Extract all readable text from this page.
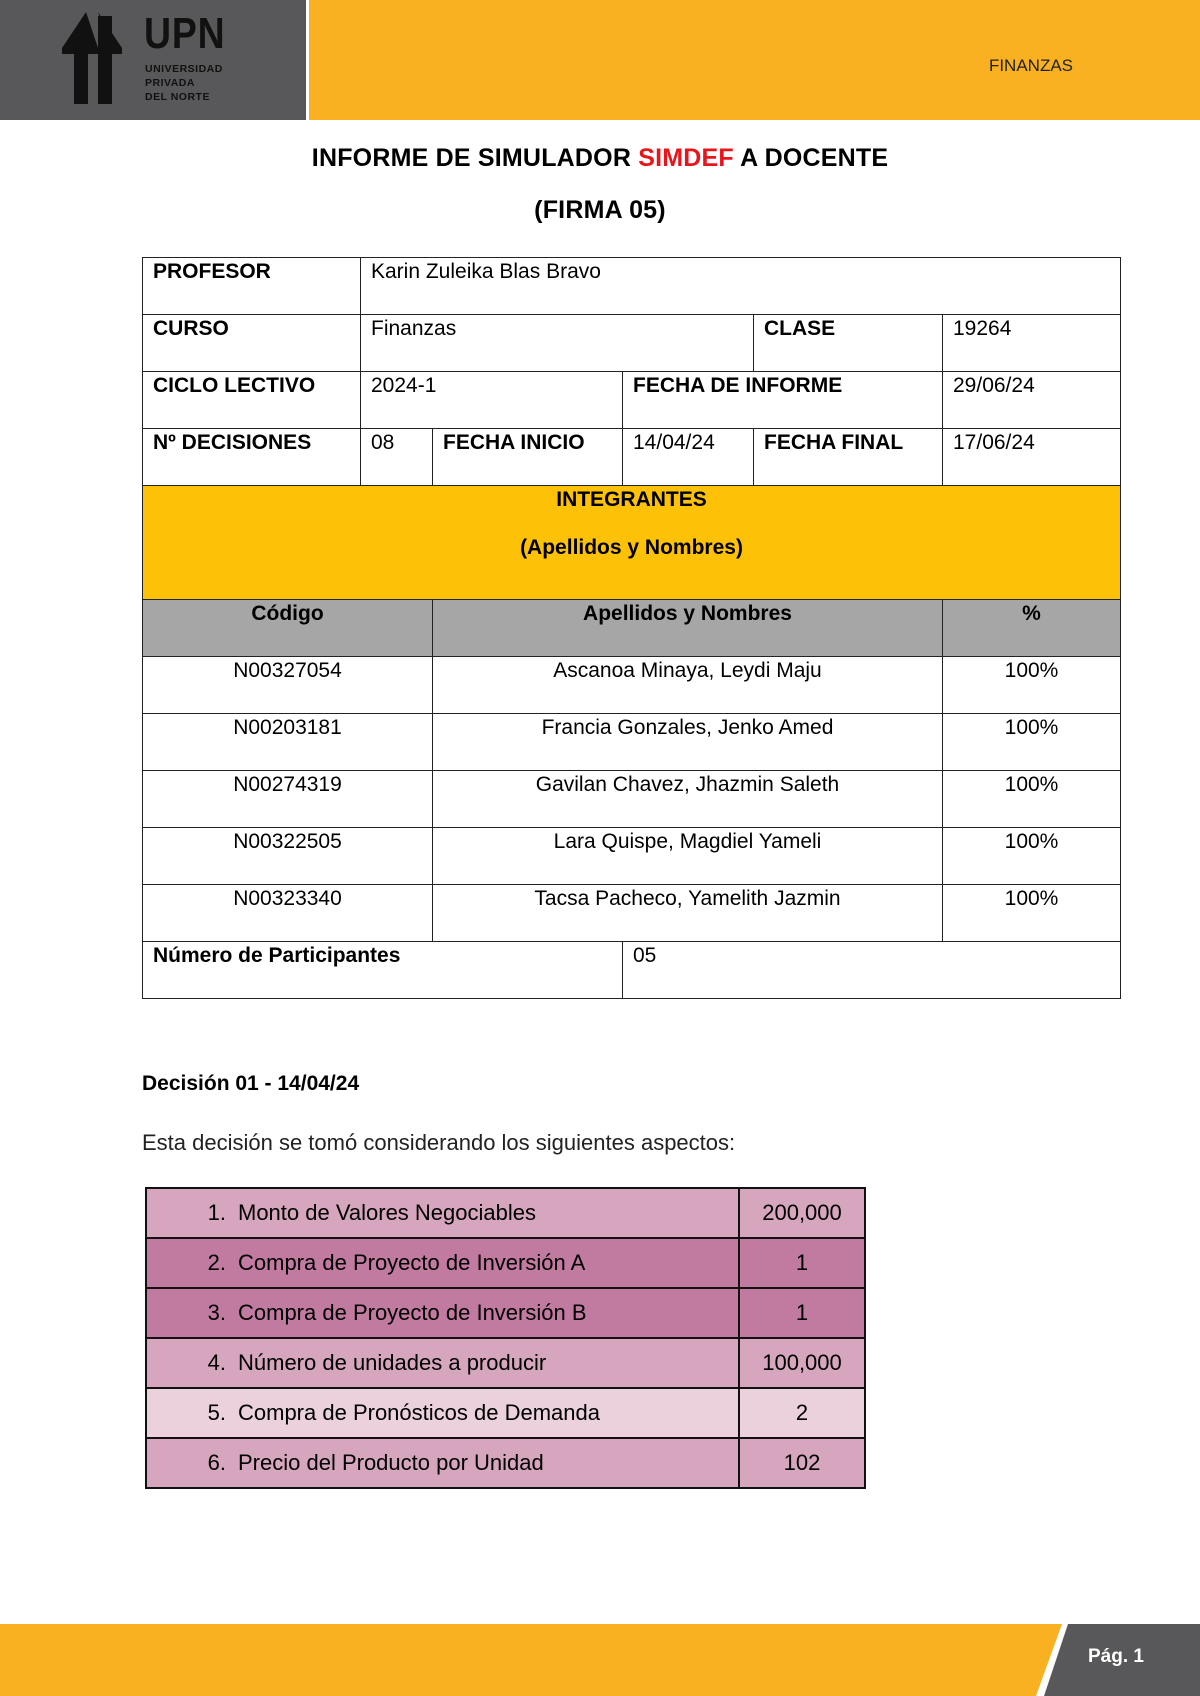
UPN
UNIVERSIDAD
PRIVADA
DEL NORTE
FINANZAS
INFORME DE SIMULADOR SIMDEF A DOCENTE
(FIRMA 05)
PROFESOR	Karin Zuleika Blas Bravo				
CURSO	Finanzas			CLASE	19264
CICLO LECTIVO	2024-1		FECHA DE INFORME		29/06/24
Nº DECISIONES	08	FECHA INICIO	14/04/24	FECHA FINAL	17/06/24

INTEGRANTES
(Apellidos y Nombres)					

Código		Apellidos y Nombres			%
N00327054		Ascanoa Minaya, Leydi Maju			100%
N00203181		Francia Gonzales, Jenko Amed			100%
N00274319		Gavilan Chavez, Jhazmin Saleth			100%
N00322505		Lara Quispe, Magdiel Yameli			100%
N00323340		Tacsa Pacheco, Yamelith Jazmin			100%
Número de Participantes			05		
Decisión 01 - 14/04/24
Esta decisión se tomó considerando los siguientes aspectos:
1.	Monto de Valores Negociables	200,000
2.	Compra de Proyecto de Inversión A	1
3.	Compra de Proyecto de Inversión B	1
4.	Número de unidades a producir	100,000
5.	Compra de Pronósticos de Demanda	2
6.	Precio del Producto por Unidad	102
Pág. 1
